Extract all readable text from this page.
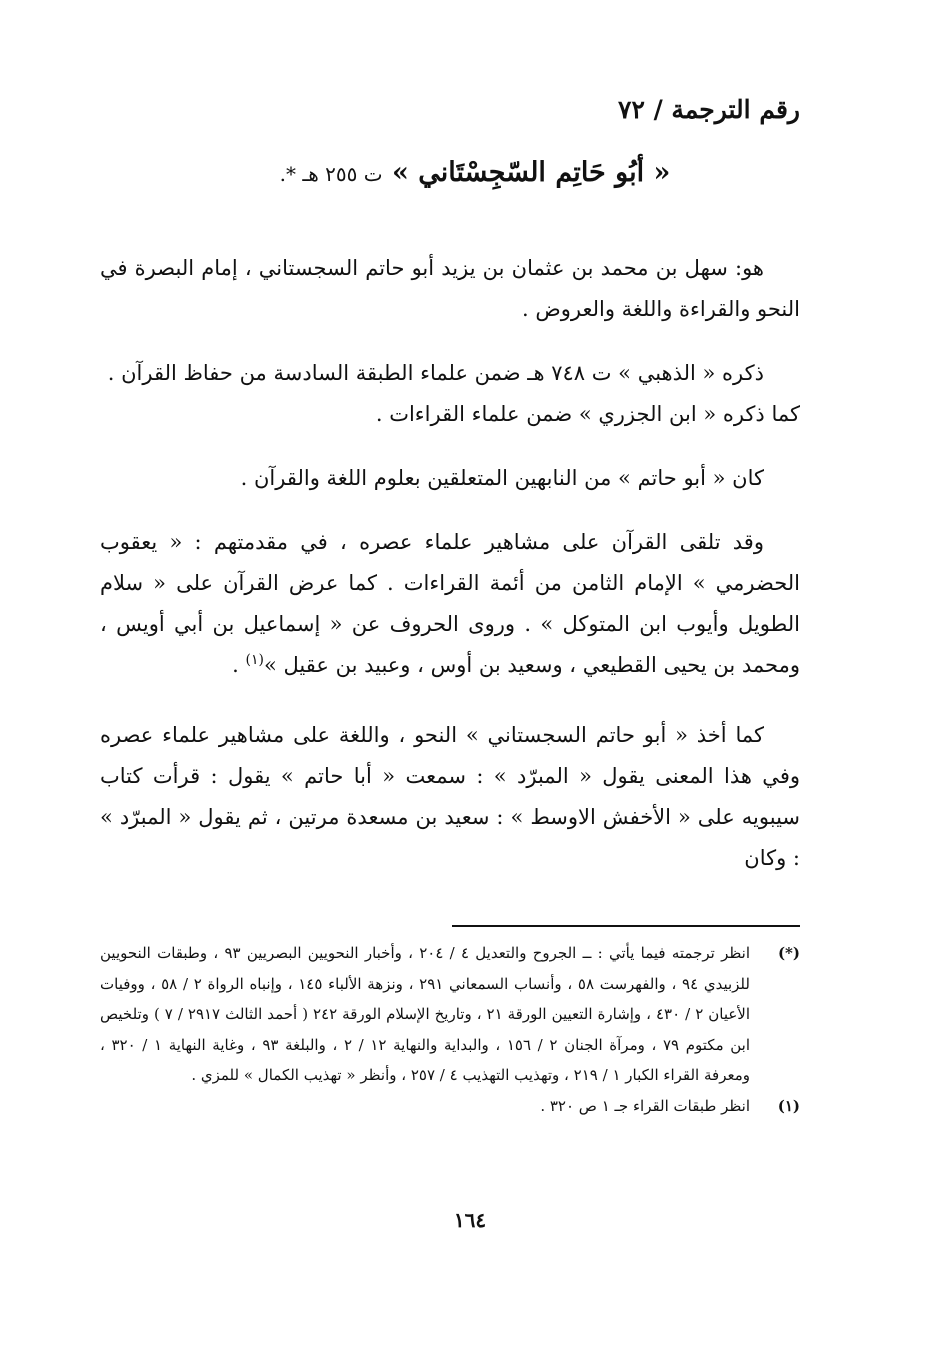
رقم الترجمة / ٧٢
« أبُو حَاتِم السّجِسْتَاني » ت ٢٥٥ هـ *.

هو: سهل بن محمد بن عثمان بن يزيد أبو حاتم السجستاني ، إمام البصرة في النحو والقراءة واللغة والعروض .

ذكره « الذهبي » ت ٧٤٨ هـ ضمن علماء الطبقة السادسة من حفاظ القرآن .

كما ذكره « ابن الجزري » ضمن علماء القراءات .

كان « أبو حاتم » من النابهين المتعلقين بعلوم اللغة والقرآن .

وقد تلقى القرآن على مشاهير علماء عصره ، في مقدمتهم : « يعقوب الحضرمي » الإمام الثامن من أئمة القراءات . كما عرض القرآن على « سلام الطويل وأيوب ابن المتوكل » . وروى الحروف عن « إسماعيل بن أبي أويس ، ومحمد بن يحيى القطيعي ، وسعيد بن أوس ، وعبيد بن عقيل »$^{(١)}$ .

كما أخذ « أبو حاتم السجستاني » النحو ، واللغة على مشاهير علماء عصره وفي هذا المعنى يقول « المبرّد » : سمعت « أبا حاتم » يقول : قرأت كتاب سيبويه على « الأخفش الاوسط » : سعيد بن مسعدة مرتين ، ثم يقول « المبرّد » : وكان

(*)
انظر ترجمته فيما يأتي : ــ الجروح والتعديل ٤ / ٢٠٤ ، وأخبار النحويين البصريين ٩٣ ، وطبقات النحويين للزبيدي ٩٤ ، والفهرست ٥٨ ، وأنساب السمعاني ٢٩١ ، ونزهة الألباء ١٤٥ ، وإنباه الرواة ٢ / ٥٨ ، ووفيات الأعيان ٢ / ٤٣٠ ، وإشارة التعيين الورقة ٢١ ، وتاريخ الإسلام الورقة ٢٤٢ ( أحمد الثالث ٢٩١٧ / ٧ ) وتلخيص ابن مكتوم ٧٩ ، ومرآة الجنان ٢ / ١٥٦ ، والبداية والنهاية ١٢ / ٢ ، والبلغة ٩٣ ، وغاية النهاية ١ / ٣٢٠ ، ومعرفة القراء الكبار ١ / ٢١٩ ، وتهذيب التهذيب ٤ / ٢٥٧ ، وأنظر « تهذيب الكمال » للمزي .
(١)
انظر طبقات القراء جـ ١ ص ٣٢٠ .
١٦٤
